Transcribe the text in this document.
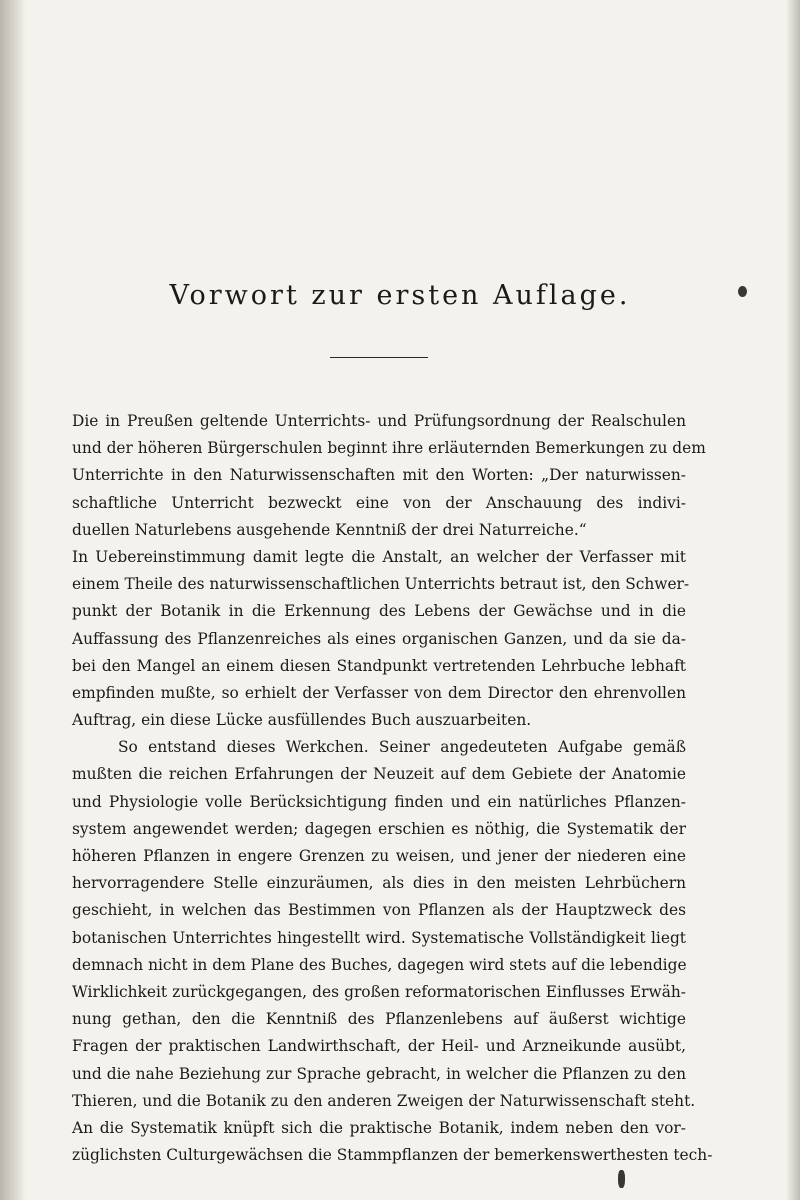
Vorwort zur ersten Auflage.
Die in Preußen geltende Unterrichts- und Prüfungsordnung der Realschulen
und der höheren Bürgerschulen beginnt ihre erläuternden Bemerkungen zu dem
Unterrichte in den Naturwissenschaften mit den Worten: „Der naturwissen-
schaftliche Unterricht bezweckt eine von der Anschauung des indivi-
duellen Naturlebens ausgehende Kenntniß der drei Naturreiche.“
In Uebereinstimmung damit legte die Anstalt, an welcher der Verfasser mit
einem Theile des naturwissenschaftlichen Unterrichts betraut ist, den Schwer-
punkt der Botanik in die Erkennung des Lebens der Gewächse und in die
Auffassung des Pflanzenreiches als eines organischen Ganzen, und da sie da-
bei den Mangel an einem diesen Standpunkt vertretenden Lehrbuche lebhaft
empfinden mußte, so erhielt der Verfasser von dem Director den ehrenvollen
Auftrag, ein diese Lücke ausfüllendes Buch auszuarbeiten.
So entstand dieses Werkchen. Seiner angedeuteten Aufgabe gemäß
mußten die reichen Erfahrungen der Neuzeit auf dem Gebiete der Anatomie
und Physiologie volle Berücksichtigung finden und ein natürliches Pflanzen-
system angewendet werden; dagegen erschien es nöthig, die Systematik der
höheren Pflanzen in engere Grenzen zu weisen, und jener der niederen eine
hervorragendere Stelle einzuräumen, als dies in den meisten Lehrbüchern
geschieht, in welchen das Bestimmen von Pflanzen als der Hauptzweck des
botanischen Unterrichtes hingestellt wird. Systematische Vollständigkeit liegt
demnach nicht in dem Plane des Buches, dagegen wird stets auf die lebendige
Wirklichkeit zurückgegangen, des großen reformatorischen Einflusses Erwäh-
nung gethan, den die Kenntniß des Pflanzenlebens auf äußerst wichtige
Fragen der praktischen Landwirthschaft, der Heil- und Arzneikunde ausübt,
und die nahe Beziehung zur Sprache gebracht, in welcher die Pflanzen zu den
Thieren, und die Botanik zu den anderen Zweigen der Naturwissenschaft steht.
An die Systematik knüpft sich die praktische Botanik, indem neben den vor-
züglichsten Culturgewächsen die Stammpflanzen der bemerkenswerthesten tech-
